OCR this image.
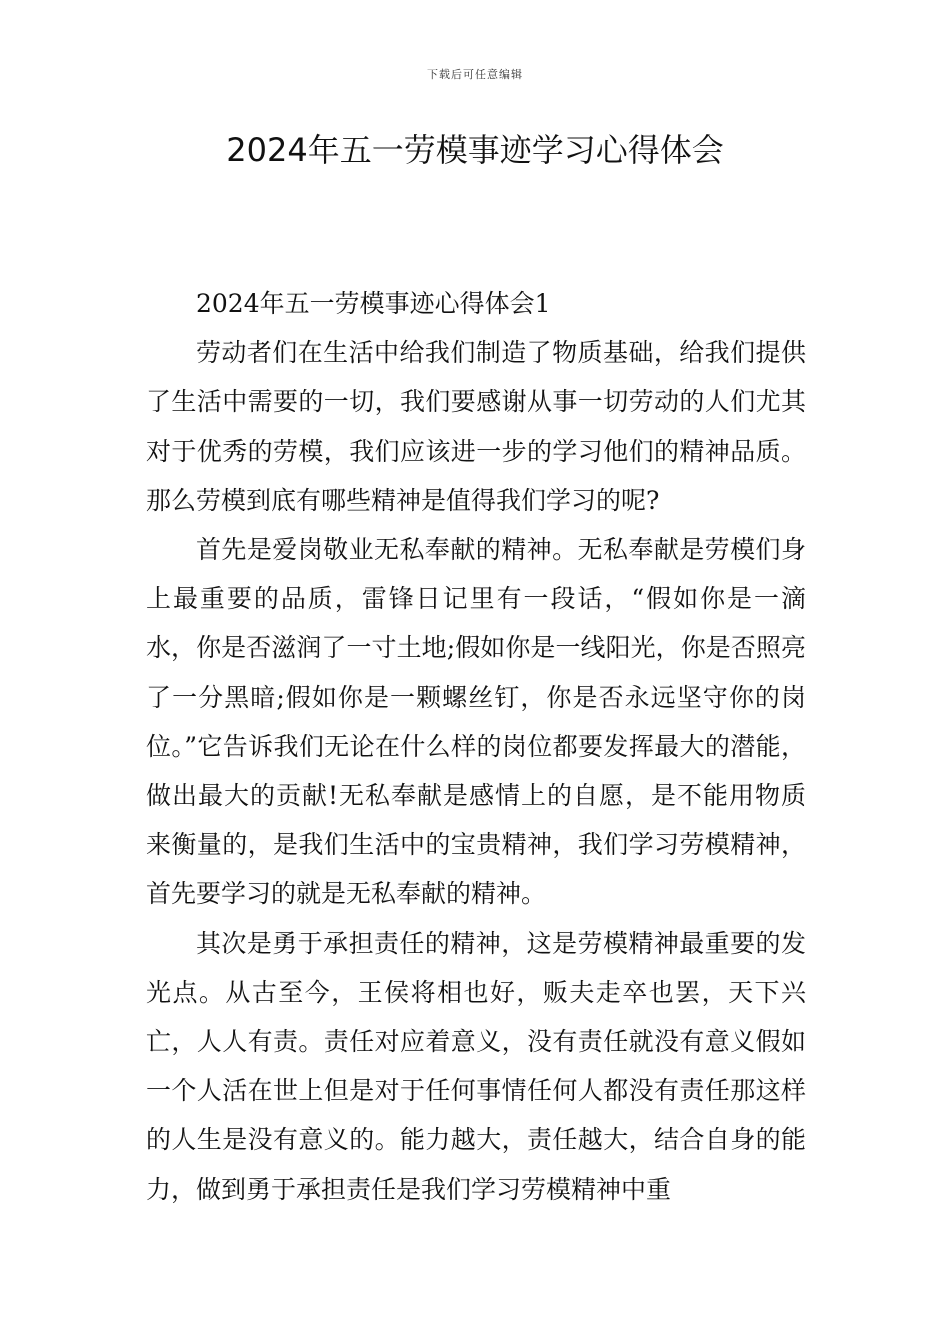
下载后可任意编辑
2024年五一劳模事迹学习心得体会

2024年五一劳模事迹心得体会1

劳动者们在生活中给我们制造了物质基础，给我们提供了生活中需要的一切，我们要感谢从事一切劳动的人们尤其对于优秀的劳模，我们应该进一步的学习他们的精神品质。那么劳模到底有哪些精神是值得我们学习的呢?

首先是爱岗敬业无私奉献的精神。无私奉献是劳模们身上最重要的品质，雷锋日记里有一段话，“假如你是一滴水，你是否滋润了一寸土地;假如你是一线阳光，你是否照亮了一分黑暗;假如你是一颗螺丝钉，你是否永远坚守你的岗位。”它告诉我们无论在什么样的岗位都要发挥最大的潜能，做出最大的贡献!无私奉献是感情上的自愿，是不能用物质来衡量的，是我们生活中的宝贵精神，我们学习劳模精神，首先要学习的就是无私奉献的精神。

其次是勇于承担责任的精神，这是劳模精神最重要的发光点。从古至今，王侯将相也好，贩夫走卒也罢，天下兴亡，人人有责。责任对应着意义，没有责任就没有意义假如一个人活在世上但是对于任何事情任何人都没有责任那这样的人生是没有意义的。能力越大，责任越大，结合自身的能力，做到勇于承担责任是我们学习劳模精神中重
